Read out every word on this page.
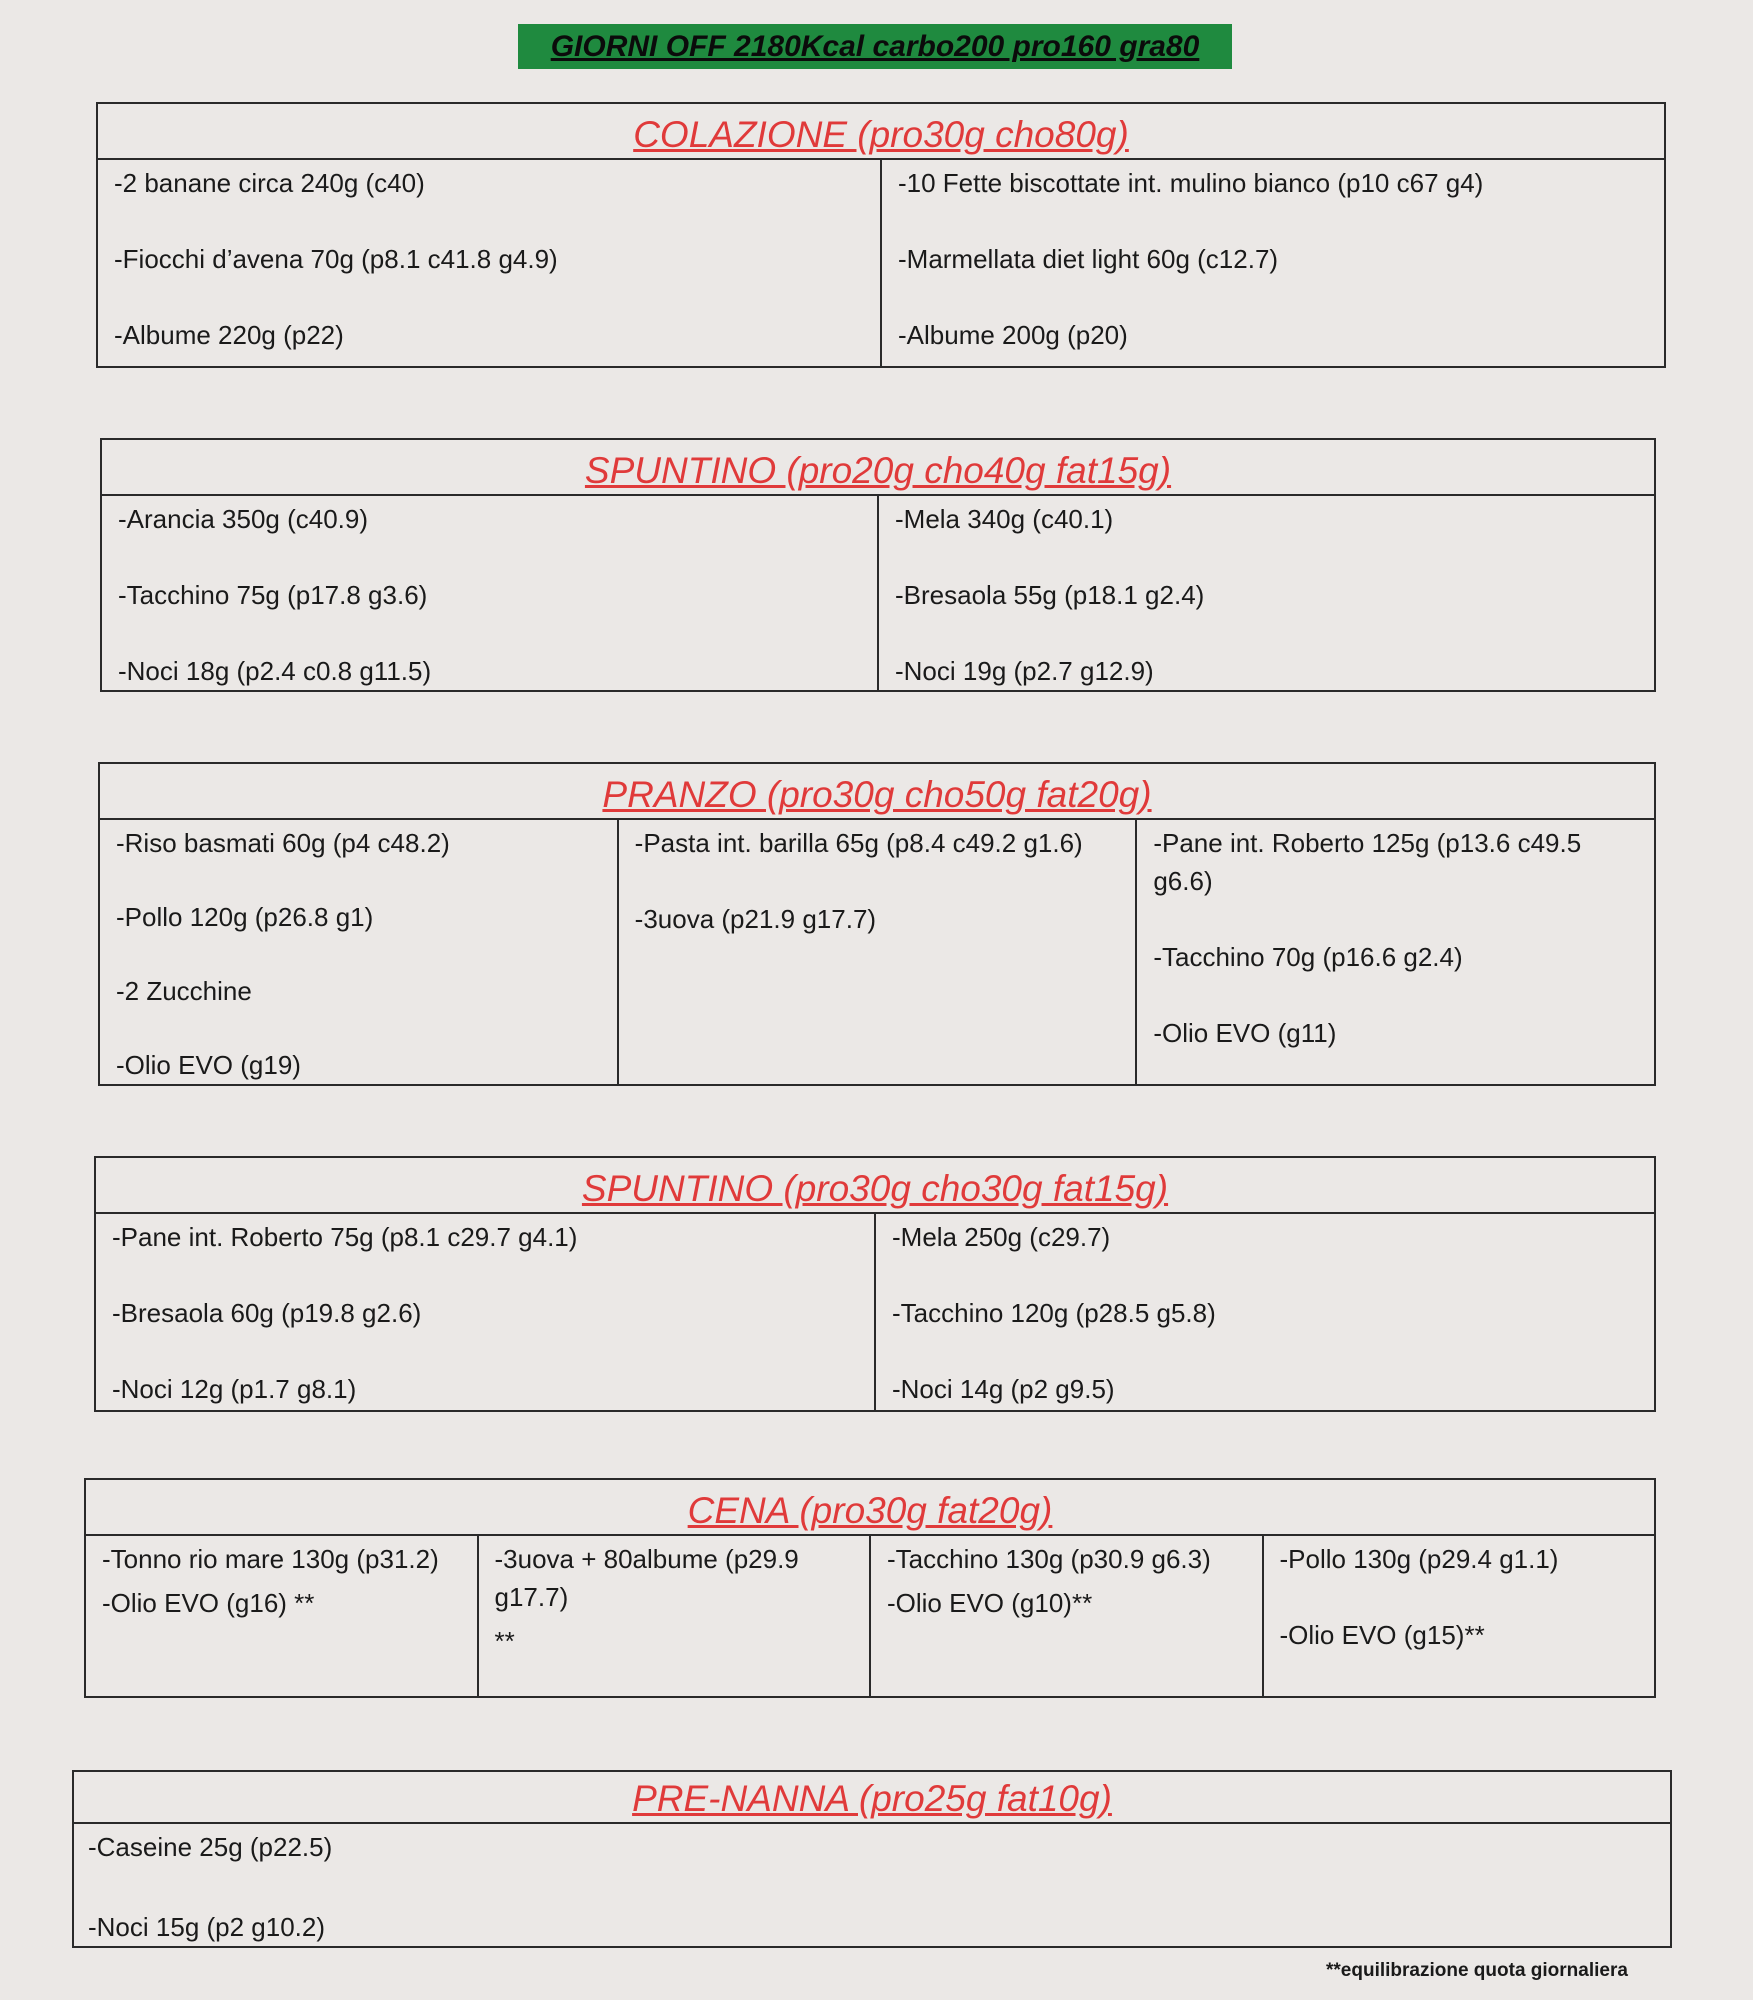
GIORNI OFF 2180Kcal carbo200 pro160 gra80
COLAZIONE (pro30g cho80g)

-2 banane circa 240g (c40)

-Fiocchi d’avena 70g (p8.1 c41.8 g4.9)

-Albume 220g (p22)

-10 Fette biscottate int. mulino bianco (p10 c67 g4)

-Marmellata diet light 60g (c12.7)

-Albume 200g (p20)

SPUNTINO (pro20g cho40g fat15g)

-Arancia 350g (c40.9)

-Tacchino 75g (p17.8 g3.6)

-Noci 18g (p2.4 c0.8 g11.5)

-Mela 340g (c40.1)

-Bresaola 55g (p18.1 g2.4)

-Noci 19g (p2.7 g12.9)

PRANZO (pro30g cho50g fat20g)

-Riso basmati 60g (p4 c48.2)

-Pollo 120g (p26.8 g1)

-2 Zucchine

-Olio EVO (g19)

-Pasta int. barilla 65g (p8.4 c49.2 g1.6)

-3uova (p21.9 g17.7)

-Pane int. Roberto 125g (p13.6 c49.5 g6.6)

-Tacchino 70g (p16.6 g2.4)

-Olio EVO (g11)

SPUNTINO (pro30g cho30g fat15g)

-Pane int. Roberto 75g (p8.1 c29.7 g4.1)

-Bresaola 60g (p19.8 g2.6)

-Noci 12g (p1.7 g8.1)

-Mela 250g (c29.7)

-Tacchino 120g (p28.5 g5.8)

-Noci 14g (p2 g9.5)

CENA (pro30g fat20g)

-Tonno rio mare 130g (p31.2)

-Olio EVO (g16) **

-3uova + 80albume (p29.9 g17.7)

**

-Tacchino 130g (p30.9 g6.3)

-Olio EVO (g10)**

-Pollo 130g (p29.4 g1.1)

-Olio EVO (g15)**

PRE-NANNA (pro25g fat10g)

-Caseine 25g (p22.5)

-Noci 15g (p2 g10.2)

**equilibrazione quota giornaliera
